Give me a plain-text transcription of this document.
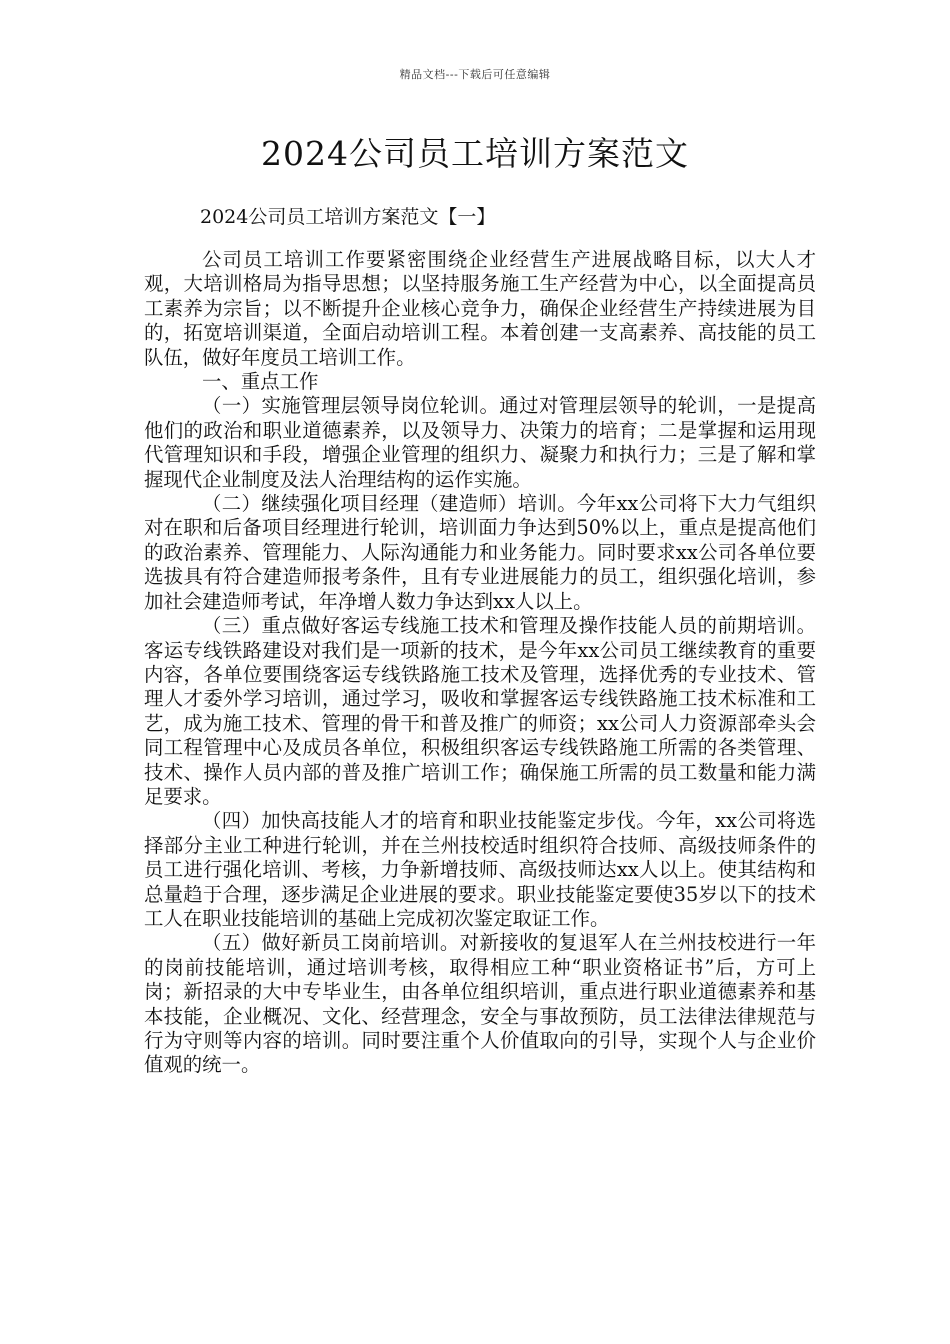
精品文档---下载后可任意编辑
2024公司员工培训方案范文
2024公司员工培训方案范文【一】

公司员工培训工作要紧密围绕企业经营生产进展战略目标，以大人才观，大培训格局为指导思想；以坚持服务施工生产经营为中心，以全面提高员工素养为宗旨；以不断提升企业核心竞争力，确保企业经营生产持续进展为目的，拓宽培训渠道，全面启动培训工程。本着创建一支高素养、高技能的员工队伍，做好年度员工培训工作。

一、重点工作

（一）实施管理层领导岗位轮训。通过对管理层领导的轮训，一是提高他们的政治和职业道德素养，以及领导力、决策力的培育；二是掌握和运用现代管理知识和手段，增强企业管理的组织力、凝聚力和执行力；三是了解和掌握现代企业制度及法人治理结构的运作实施。

（二）继续强化项目经理（建造师）培训。今年xx公司将下大力气组织对在职和后备项目经理进行轮训，培训面力争达到50%以上，重点是提高他们的政治素养、管理能力、人际沟通能力和业务能力。同时要求xx公司各单位要选拔具有符合建造师报考条件，且有专业进展能力的员工，组织强化培训，参加社会建造师考试，年净增人数力争达到xx人以上。

（三）重点做好客运专线施工技术和管理及操作技能人员的前期培训。客运专线铁路建设对我们是一项新的技术，是今年xx公司员工继续教育的重要内容，各单位要围绕客运专线铁路施工技术及管理，选择优秀的专业技术、管理人才委外学习培训，通过学习，吸收和掌握客运专线铁路施工技术标准和工艺，成为施工技术、管理的骨干和普及推广的师资；xx公司人力资源部牵头会同工程管理中心及成员各单位，积极组织客运专线铁路施工所需的各类管理、技术、操作人员内部的普及推广培训工作；确保施工所需的员工数量和能力满足要求。

（四）加快高技能人才的培育和职业技能鉴定步伐。今年，xx公司将选择部分主业工种进行轮训，并在兰州技校适时组织符合技师、高级技师条件的员工进行强化培训、考核，力争新增技师、高级技师达xx人以上。使其结构和总量趋于合理，逐步满足企业进展的要求。职业技能鉴定要使35岁以下的技术工人在职业技能培训的基础上完成初次鉴定取证工作。

（五）做好新员工岗前培训。对新接收的复退军人在兰州技校进行一年的岗前技能培训，通过培训考核，取得相应工种“职业资格证书”后，方可上岗；新招录的大中专毕业生，由各单位组织培训，重点进行职业道德素养和基本技能，企业概况、文化、经营理念，安全与事故预防，员工法律法律规范与行为守则等内容的培训。同时要注重个人价值取向的引导，实现个人与企业价值观的统一。
